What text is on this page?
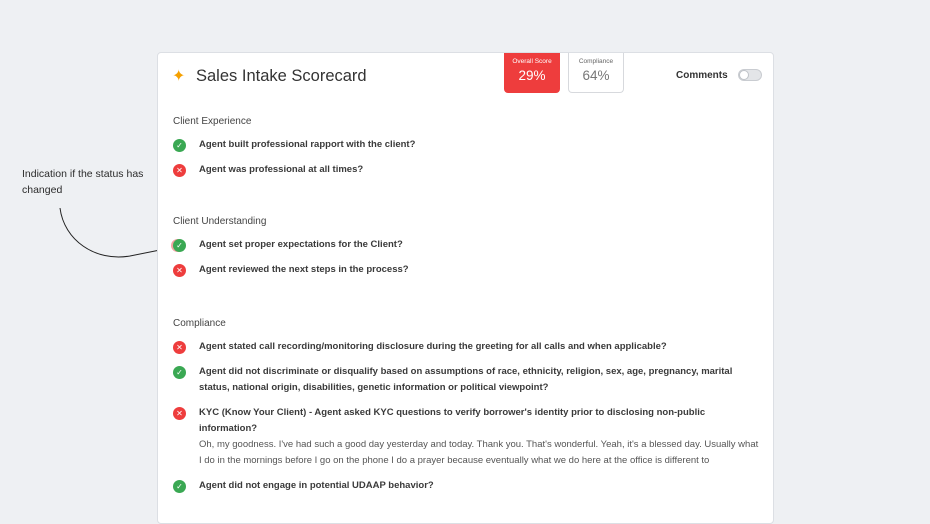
Indication if the status has changed
✦ Sales Intake Scorecard
Overall Score
29%
Compliance
64%	Comments
Client Experience
✓	Agent built professional rapport with the client?
✕	Agent was professional at all times?
Client Understanding
✓	Agent set proper expectations for the Client?
✕	Agent reviewed the next steps in the process?
Compliance
✕	Agent stated call recording/monitoring disclosure during the greeting for all calls and when applicable?
✓	Agent did not discriminate or disqualify based on assumptions of race, ethnicity, religion, sex, age, pregnancy, marital status, national origin, disabilities, genetic information or political viewpoint?
✕	KYC (Know Your Client) - Agent asked KYC questions to verify borrower's identity prior to disclosing non-public information?
Oh, my goodness. I've had such a good day yesterday and today. Thank you. That's wonderful. Yeah, it's a blessed day. Usually what I do in the mornings before I go on the phone I do a prayer because eventually what we do here at the office is different to
✓	Agent did not engage in potential UDAAP behavior?
